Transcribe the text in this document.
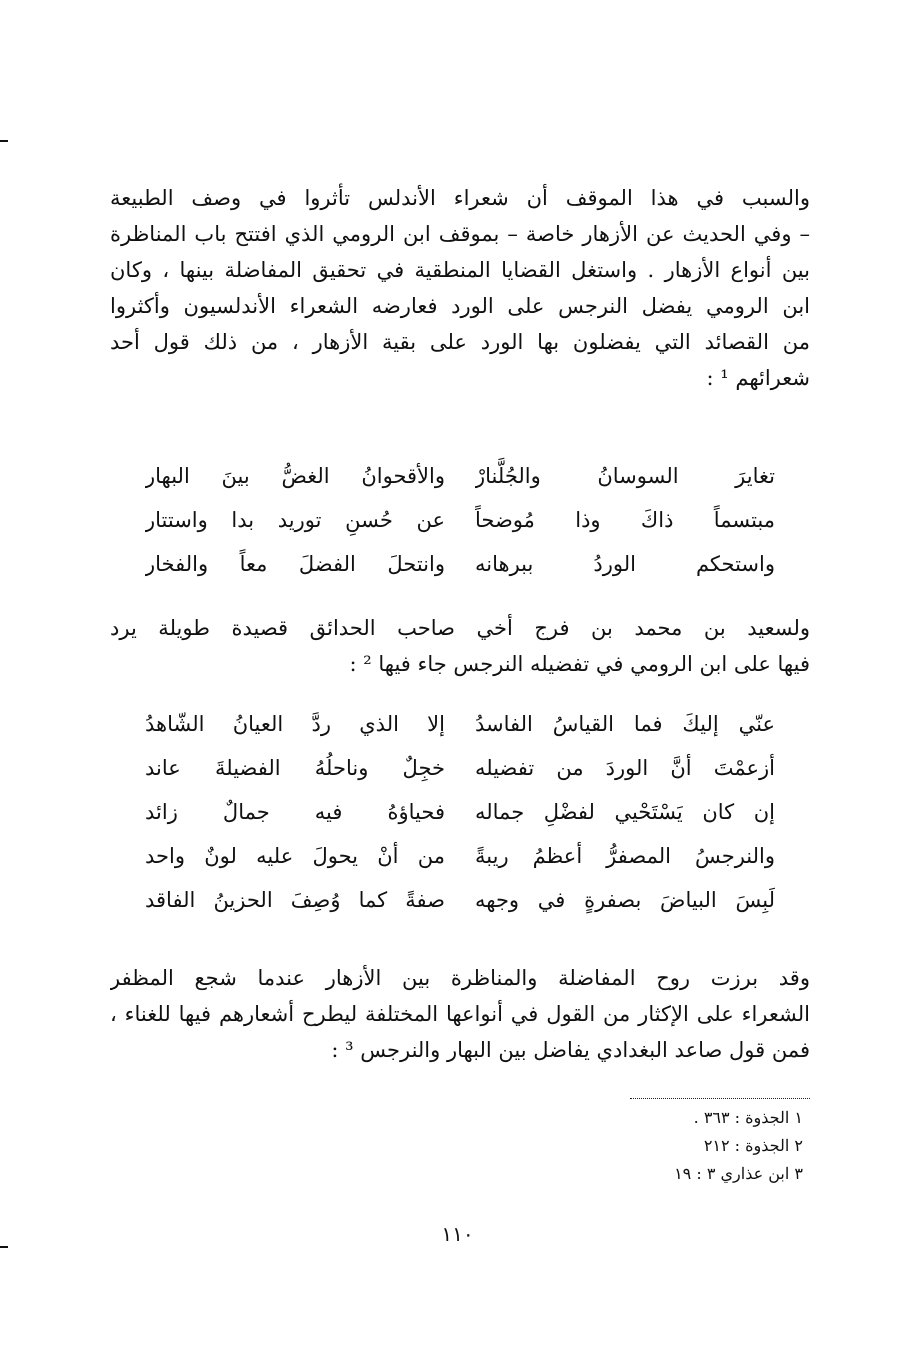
والسبب في هذا الموقف أن شعراء الأندلس تأثروا في وصف الطبيعة
– وفي الحديث عن الأزهار خاصة – بموقف ابن الرومي الذي افتتح باب المناظرة
بين أنواع الأزهار . واستغل القضايا المنطقية في تحقيق المفاضلة بينها ، وكان
ابن الرومي يفضل النرجس على الورد فعارضه الشعراء الأندلسيون وأكثروا
من القصائد التي يفضلون بها الورد على بقية الأزهار ، من ذلك قول أحد
شعرائهم ¹ :
تغايرَ السوسانُ والجُلَّنارْ
والأقحوانُ الغضُّ بينَ البهار
مبتسماً ذاكَ وذا مُوضحاً
عن حُسنِ توريد بدا واستتار
واستحكم الوردُ ببرهانه
وانتحلَ الفضلَ معاً والفخار
ولسعيد بن محمد بن فرج أخي صاحب الحدائق قصيدة طويلة يرد
فيها على ابن الرومي في تفضيله النرجس جاء فيها ² :
عنّي إليكَ فما القياسُ الفاسدُ
إلا الذي ردَّ العيانُ الشّاهدُ
أزعمْتَ أنَّ الوردَ من تفضيله
خجِلٌ وناحلُهُ الفضيلةَ عاند
إن كان يَسْتَحْيي لفضْلِ جماله
فحياؤهُ فيه جمالٌ زائد
والنرجسُ المصفرُّ أعظمُ ريبةً
من أنْ يحولَ عليه لونٌ واحد
لَبِسَ البياضَ بصفرةٍ في وجهه
صفةً كما وُصِفَ الحزينُ الفاقد
وقد برزت روح المفاضلة والمناظرة بين الأزهار عندما شجع المظفر
الشعراء على الإكثار من القول في أنواعها المختلفة ليطرح أشعارهم فيها للغناء ،
فمن قول صاعد البغدادي يفاضل بين البهار والنرجس ³ :
١ الجذوة : ٣٦٣ .
٢ الجذوة : ٢١٢
٣ ابن عذاري ٣ : ١٩
١١٠
